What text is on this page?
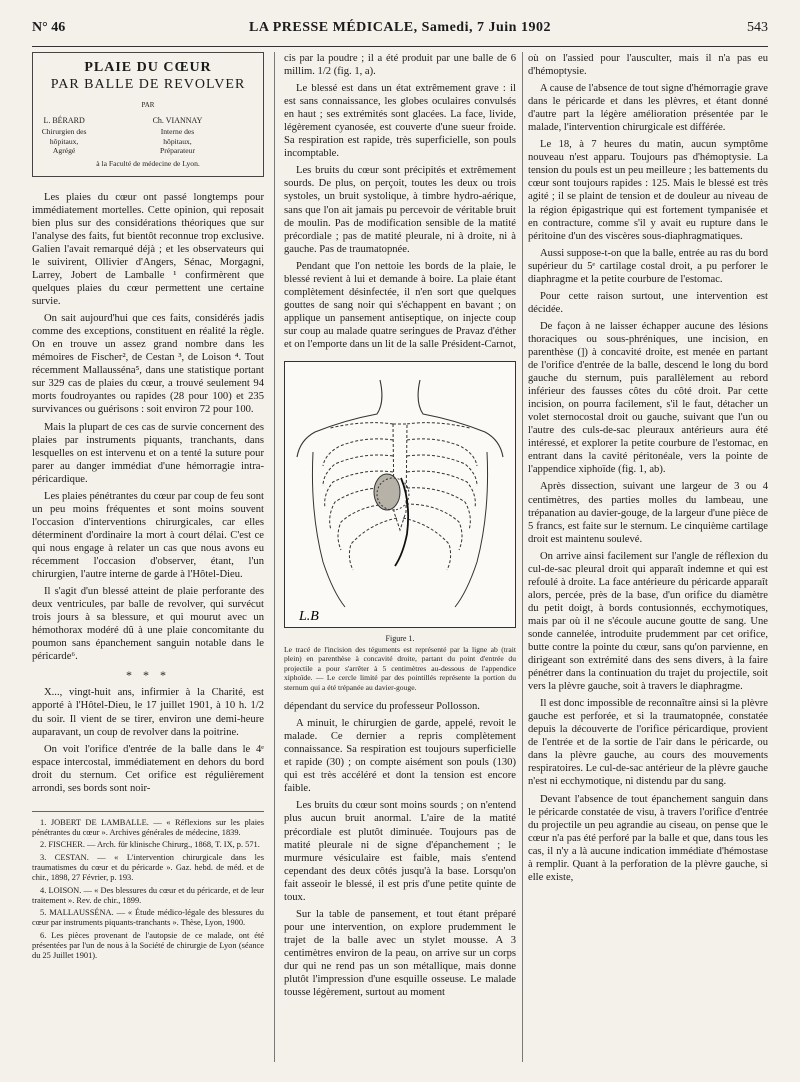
N° 46	LA PRESSE MÉDICALE, Samedi, 7 Juin 1902	543
PLAIE DU CŒUR
PAR BALLE DE REVOLVER
PAR
L. BÉRARD
Chirurgien des hôpitaux,
Agrégé
Ch. VIANNAY
Interne des hôpitaux,
Préparateur
à la Faculté de médecine de Lyon.

Les plaies du cœur ont passé longtemps pour immédiatement mortelles. Cette opinion, qui reposait bien plus sur des considérations théoriques que sur l'analyse des faits, fut bientôt reconnue trop exclusive. Galien l'avait remarqué déjà ; et les observateurs qui le suivirent, Ollivier d'Angers, Sénac, Morgagni, Larrey, Jobert de Lamballe ¹ confirmèrent que quelques plaies du cœur permettent une certaine survie.

On sait aujourd'hui que ces faits, considérés jadis comme des exceptions, constituent en réalité la règle. On en trouve un assez grand nombre dans les mémoires de Fischer², de Cestan ³, de Loison ⁴. Tout récemment Mallausséna⁵, dans une statistique portant sur 329 cas de plaies du cœur, a trouvé seulement 94 morts foudroyantes ou rapides (28 pour 100) et 235 survivances ou guérisons : soit environ 72 pour 100.

Mais la plupart de ces cas de survie concernent des plaies par instruments piquants, tranchants, dans lesquelles on est intervenu et on a tenté la suture pour parer au danger immédiat d'une hémorragie intra-péricardique.

Les plaies pénétrantes du cœur par coup de feu sont un peu moins fréquentes et sont moins souvent l'occasion d'interventions chirurgicales, car elles déterminent d'ordinaire la mort à court délai. C'est ce qui nous engage à relater un cas que nous avons eu récemment l'occasion d'observer, étant, l'un chirurgien, l'autre interne de garde à l'Hôtel-Dieu.

Il s'agit d'un blessé atteint de plaie perforante des deux ventricules, par balle de revolver, qui survécut trois jours à sa blessure, et qui mourut avec un hémothorax modéré dû à une plaie concomitante du poumon sans épanchement sanguin notable dans le péricarde⁶.

* * *

X..., vingt-huit ans, infirmier à la Charité, est apporté à l'Hôtel-Dieu, le 17 juillet 1901, à 10 h. 1/2 du soir. Il vient de se tirer, environ une demi-heure auparavant, un coup de revolver dans la poitrine.

On voit l'orifice d'entrée de la balle dans le 4ᵉ espace intercostal, immédiatement en dehors du bord droit du sternum. Cet orifice est régulièrement arrondi, ses bords sont noir-

1. JOBERT DE LAMBALLE. — « Réflexions sur les plaies pénétrantes du cœur ». Archives générales de médecine, 1839.

2. FISCHER. — Arch. für klinische Chirurg., 1868, T. IX, p. 571.

3. CESTAN. — « L'intervention chirurgicale dans les traumatismes du cœur et du péricarde ». Gaz. hebd. de méd. et de chir., 1898, 27 Février, p. 193.

4. LOISON. — « Des blessures du cœur et du péricarde, et de leur traitement ». Rev. de chir., 1899.

5. MALLAUSSÉNA. — « Étude médico-légale des blessures du cœur par instruments piquants-tranchants ». Thèse, Lyon, 1900.

6. Les pièces provenant de l'autopsie de ce malade, ont été présentées par l'un de nous à la Société de chirurgie de Lyon (séance du 25 Juillet 1901).

cis par la poudre ; il a été produit par une balle de 6 millim. 1/2 (fig. 1, a).

Le blessé est dans un état extrêmement grave : il est sans connaissance, les globes oculaires convulsés en haut ; ses extrémités sont glacées. La face, livide, légèrement cyanosée, est couverte d'une sueur froide. Sa respiration est rapide, très superficielle, son pouls incomptable.

Les bruits du cœur sont précipités et extrêmement sourds. De plus, on perçoit, toutes les deux ou trois systoles, un bruit systolique, à timbre hydro-aérique, sans que l'on ait jamais pu percevoir de véritable bruit de moulin. Pas de modification sensible de la matité précordiale ; pas de matité pleurale, ni à droite, ni à gauche. Pas de traumatopnée.

Pendant que l'on nettoie les bords de la plaie, le blessé revient à lui et demande à boire. La plaie étant complètement désinfectée, il n'en sort que quelques gouttes de sang noir qui s'échappent en bavant ; on applique un pansement antiseptique, on injecte coup sur coup au malade quatre seringues de Pravaz d'éther et on l'emporte dans un lit de la salle Président-Carnot,

L.B
Figure 1.
Le tracé de l'incision des téguments est représenté par la ligne ab (trait plein) en parenthèse à concavité droite, partant du point d'entrée du projectile a pour s'arrêter à 5 centimètres au-dessous de l'appendice xiphoïde. — Le cercle limité par des pointillés représente la portion du sternum qui a été trépanée au davier-gouge.

dépendant du service du professeur Pollosson.

A minuit, le chirurgien de garde, appelé, revoit le malade. Ce dernier a repris complètement connaissance. Sa respiration est toujours superficielle et rapide (30) ; on compte aisément son pouls (130) qui est très accéléré et dont la tension est encore faible.

Les bruits du cœur sont moins sourds ; on n'entend plus aucun bruit anormal. L'aire de la matité précordiale est plutôt diminuée. Toujours pas de matité pleurale ni de signe d'épanchement ; le murmure vésiculaire est faible, mais s'entend cependant des deux côtés jusqu'à la base. Lorsqu'on fait asseoir le blessé, il est pris d'une petite quinte de toux.

Sur la table de pansement, et tout étant préparé pour une intervention, on explore prudemment le trajet de la balle avec un stylet mousse. A 3 centimètres environ de la peau, on arrive sur un corps dur qui ne rend pas un son métallique, mais donne plutôt l'impression d'une esquille osseuse. Le malade tousse légèrement, surtout au moment

où on l'assied pour l'ausculter, mais il n'a pas eu d'hémoptysie.

A cause de l'absence de tout signe d'hémorragie grave dans le péricarde et dans les plèvres, et étant donné d'autre part la légère amélioration présentée par le malade, l'intervention chirurgicale est différée.

Le 18, à 7 heures du matin, aucun symptôme nouveau n'est apparu. Toujours pas d'hémoptysie. La tension du pouls est un peu meilleure ; les battements du cœur sont toujours rapides : 125. Mais le blessé est très agité ; il se plaint de tension et de douleur au niveau de la région épigastrique qui est fortement tympanisée et en contracture, comme s'il y avait eu rupture dans le péritoine d'un des viscères sous-diaphragmatiques.

Aussi suppose-t-on que la balle, entrée au ras du bord supérieur du 5ᵉ cartilage costal droit, a pu perforer le diaphragme et la petite courbure de l'estomac.

Pour cette raison surtout, une intervention est décidée.

De façon à ne laisser échapper aucune des lésions thoraciques ou sous-phréniques, une incision, en parenthèse (]) à concavité droite, est menée en partant de l'orifice d'entrée de la balle, descend le long du bord gauche du sternum, puis parallèlement au rebord inférieur des fausses côtes du côté droit. Par cette incision, on pourra facilement, s'il le faut, détacher un volet sternocostal droit ou gauche, suivant que l'un ou l'autre des culs-de-sac pleuraux antérieurs aura été intéressé, et explorer la petite courbure de l'estomac, en entrant dans la cavité péritonéale, vers la pointe de l'appendice xiphoïde (fig. 1, ab).

Après dissection, suivant une largeur de 3 ou 4 centimètres, des parties molles du lambeau, une trépanation au davier-gouge, de la largeur d'une pièce de 5 francs, est faite sur le sternum. Le cinquième cartilage droit est maintenu soulevé.

On arrive ainsi facilement sur l'angle de réflexion du cul-de-sac pleural droit qui apparaît indemne et qui est refoulé à droite. La face antérieure du péricarde apparaît alors, percée, près de la base, d'un orifice du diamètre du petit doigt, à bords contusionnés, ecchymotiques, mais par où il ne s'écoule aucune goutte de sang. Une sonde cannelée, introduite prudemment par cet orifice, butte contre la pointe du cœur, sans qu'on parvienne, en dirigeant son extrémité dans des sens divers, à la faire pénétrer dans la continuation du trajet du projectile, soit vers la plèvre gauche, soit à travers le diaphragme.

Il est donc impossible de reconnaître ainsi si la plèvre gauche est perforée, et si la traumatopnée, constatée depuis la découverte de l'orifice péricardique, provient de l'entrée et de la sortie de l'air dans le péricarde, ou dans la plèvre gauche, au cours des mouvements respiratoires. Le cul-de-sac antérieur de la plèvre gauche n'est ni ecchymotique, ni distendu par du sang.

Devant l'absence de tout épanchement sanguin dans le péricarde constatée de visu, à travers l'orifice d'entrée du projectile un peu agrandie au ciseau, on pense que le cœur n'a pas été perforé par la balle et que, dans tous les cas, il n'y a là aucune indication immédiate d'hémostase à remplir. Quant à la perforation de la plèvre gauche, si elle existe,
